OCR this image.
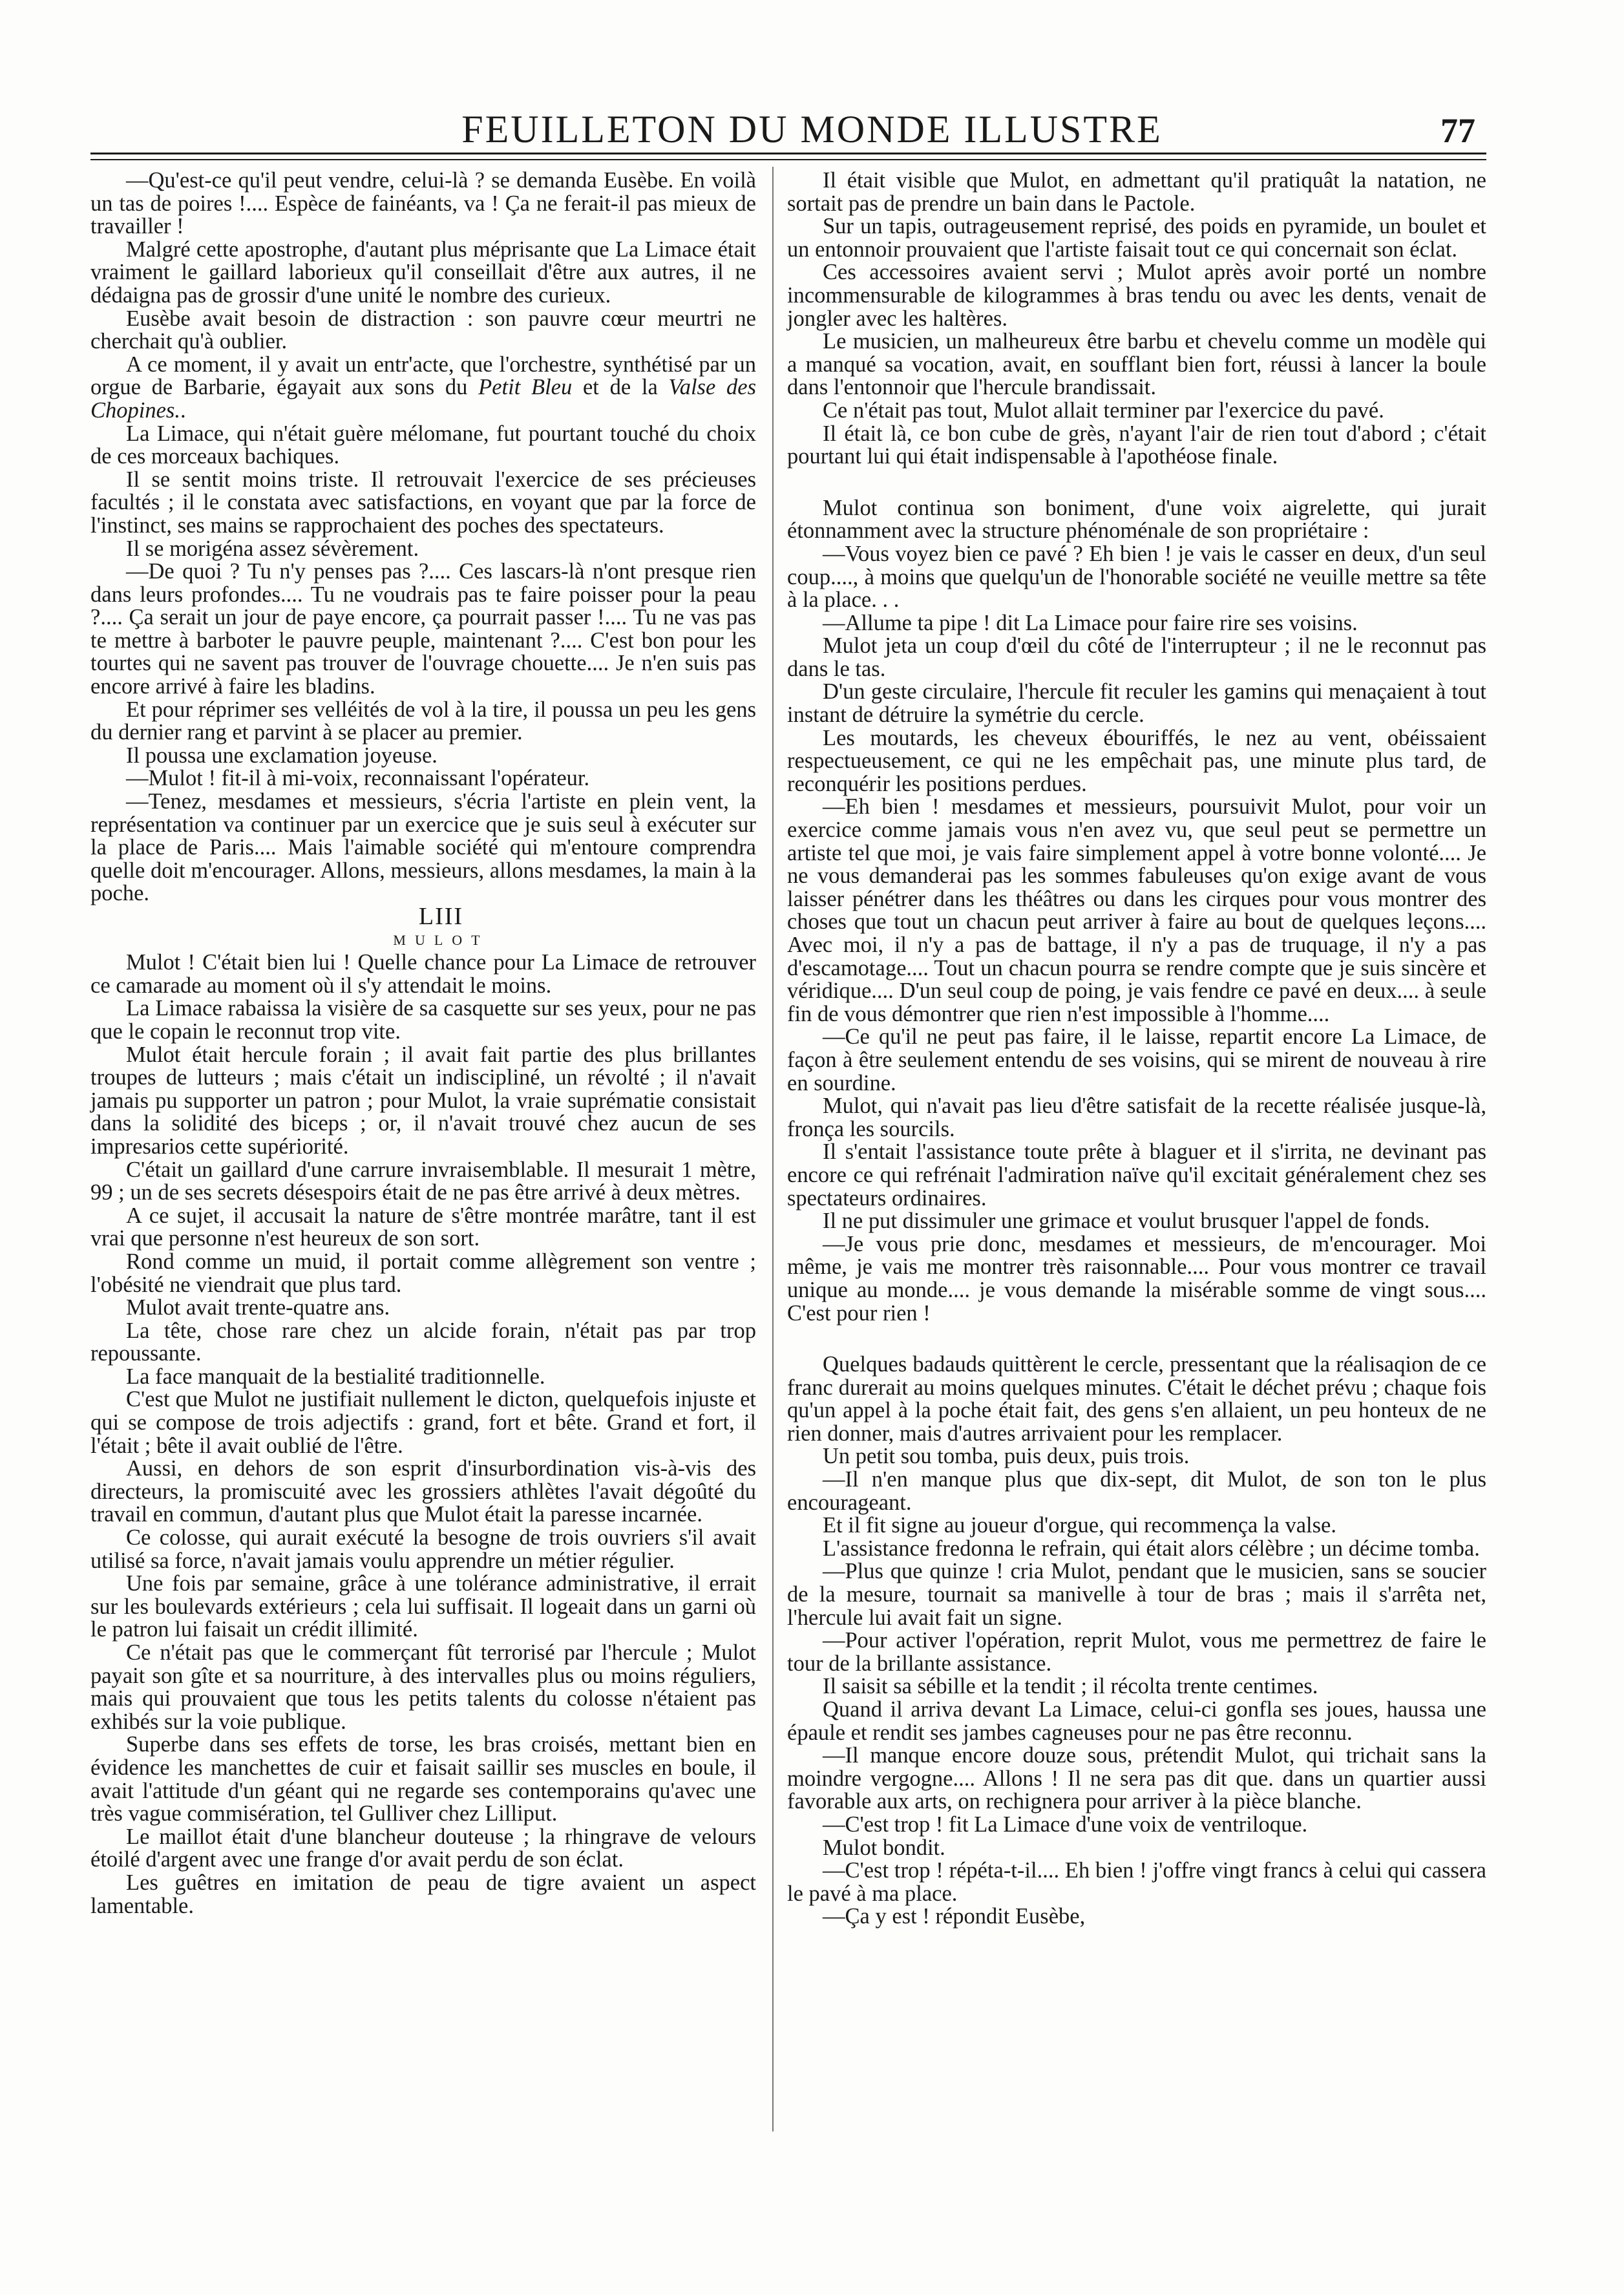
FEUILLETON DU MONDE ILLUSTRE	77

—Qu'est-ce qu'il peut vendre, celui-là ? se demanda Eusèbe. En voilà un tas de poires !.... Espèce de fainéants, va ! Ça ne ferait-il pas mieux de travailler !

Malgré cette apostrophe, d'autant plus méprisante que La Limace était vraiment le gaillard laborieux qu'il conseillait d'être aux autres, il ne dédaigna pas de grossir d'une unité le nombre des curieux.

Eusèbe avait besoin de distraction : son pauvre cœur meurtri ne cherchait qu'à oublier.

A ce moment, il y avait un entr'acte, que l'orchestre, synthétisé par un orgue de Barbarie, égayait aux sons du Petit Bleu et de la Valse des Chopines..

La Limace, qui n'était guère mélomane, fut pourtant touché du choix de ces morceaux bachiques.

Il se sentit moins triste. Il retrouvait l'exercice de ses précieuses facultés ; il le constata avec satisfactions, en voyant que par la force de l'instinct, ses mains se rapprochaient des poches des spectateurs.

Il se morigéna assez sévèrement.

—De quoi ? Tu n'y penses pas ?.... Ces lascars-là n'ont presque rien dans leurs profondes.... Tu ne voudrais pas te faire poisser pour la peau ?.... Ça serait un jour de paye encore, ça pourrait passer !.... Tu ne vas pas te mettre à barboter le pauvre peuple, maintenant ?.... C'est bon pour les tourtes qui ne savent pas trouver de l'ouvrage chouette.... Je n'en suis pas encore arrivé à faire les bladins.

Et pour réprimer ses velléités de vol à la tire, il poussa un peu les gens du dernier rang et parvint à se placer au premier.

Il poussa une exclamation joyeuse.

—Mulot ! fit-il à mi-voix, reconnaissant l'opérateur.

—Tenez, mesdames et messieurs, s'écria l'artiste en plein vent, la représentation va continuer par un exercice que je suis seul à exécuter sur la place de Paris.... Mais l'aimable société qui m'entoure comprendra quelle doit m'encourager. Allons, messieurs, allons mesdames, la main à la poche.

LIII

MULOT

Mulot ! C'était bien lui ! Quelle chance pour La Limace de retrouver ce camarade au moment où il s'y attendait le moins.

La Limace rabaissa la visière de sa casquette sur ses yeux, pour ne pas que le copain le reconnut trop vite.

Mulot était hercule forain ; il avait fait partie des plus brillantes troupes de lutteurs ; mais c'était un indiscipliné, un révolté ; il n'avait jamais pu supporter un patron ; pour Mulot, la vraie suprématie consistait dans la solidité des biceps ; or, il n'avait trouvé chez aucun de ses impresarios cette supériorité.

C'était un gaillard d'une carrure invraisemblable. Il mesurait 1 mètre, 99 ; un de ses secrets désespoirs était de ne pas être arrivé à deux mètres.

A ce sujet, il accusait la nature de s'être montrée marâtre, tant il est vrai que personne n'est heureux de son sort.

Rond comme un muid, il portait comme allègrement son ventre ; l'obésité ne viendrait que plus tard.

Mulot avait trente-quatre ans.

La tête, chose rare chez un alcide forain, n'était pas par trop repoussante.

La face manquait de la bestialité traditionnelle.

C'est que Mulot ne justifiait nullement le dicton, quelquefois injuste et qui se compose de trois adjectifs : grand, fort et bête. Grand et fort, il l'était ; bête il avait oublié de l'être.

Aussi, en dehors de son esprit d'insurbordination vis-à-vis des directeurs, la promiscuité avec les grossiers athlètes l'avait dégoûté du travail en commun, d'autant plus que Mulot était la paresse incarnée.

Ce colosse, qui aurait exécuté la besogne de trois ouvriers s'il avait utilisé sa force, n'avait jamais voulu apprendre un métier régulier.

Une fois par semaine, grâce à une tolérance administrative, il errait sur les boulevards extérieurs ; cela lui suffisait. Il logeait dans un garni où le patron lui faisait un crédit illimité.

Ce n'était pas que le commerçant fût terrorisé par l'hercule ; Mulot payait son gîte et sa nourriture, à des intervalles plus ou moins réguliers, mais qui prouvaient que tous les petits talents du colosse n'étaient pas exhibés sur la voie publique.

Superbe dans ses effets de torse, les bras croisés, mettant bien en évidence les manchettes de cuir et faisait saillir ses muscles en boule, il avait l'attitude d'un géant qui ne regarde ses contemporains qu'avec une très vague commisération, tel Gulliver chez Lilliput.

Le maillot était d'une blancheur douteuse ; la rhingrave de velours étoilé d'argent avec une frange d'or avait perdu de son éclat.

Les guêtres en imitation de peau de tigre avaient un aspect lamentable.

Il était visible que Mulot, en admettant qu'il pratiquât la natation, ne sortait pas de prendre un bain dans le Pactole.

Sur un tapis, outrageusement reprisé, des poids en pyramide, un boulet et un entonnoir prouvaient que l'artiste faisait tout ce qui concernait son éclat.

Ces accessoires avaient servi ; Mulot après avoir porté un nombre incommensurable de kilogrammes à bras tendu ou avec les dents, venait de jongler avec les haltères.

Le musicien, un malheureux être barbu et chevelu comme un modèle qui a manqué sa vocation, avait, en soufflant bien fort, réussi à lancer la boule dans l'entonnoir que l'hercule brandissait.

Ce n'était pas tout, Mulot allait terminer par l'exercice du pavé.

Il était là, ce bon cube de grès, n'ayant l'air de rien tout d'abord ; c'était pourtant lui qui était indispensable à l'apothéose finale.

Mulot continua son boniment, d'une voix aigrelette, qui jurait étonnamment avec la structure phénoménale de son propriétaire :

—Vous voyez bien ce pavé ? Eh bien ! je vais le casser en deux, d'un seul coup...., à moins que quelqu'un de l'honorable société ne veuille mettre sa tête à la place. . .

—Allume ta pipe ! dit La Limace pour faire rire ses voisins.

Mulot jeta un coup d'œil du côté de l'interrupteur ; il ne le reconnut pas dans le tas.

D'un geste circulaire, l'hercule fit reculer les gamins qui menaçaient à tout instant de détruire la symétrie du cercle.

Les moutards, les cheveux ébouriffés, le nez au vent, obéissaient respectueusement, ce qui ne les empêchait pas, une minute plus tard, de reconquérir les positions perdues.

—Eh bien ! mesdames et messieurs, poursuivit Mulot, pour voir un exercice comme jamais vous n'en avez vu, que seul peut se permettre un artiste tel que moi, je vais faire simplement appel à votre bonne volonté.... Je ne vous demanderai pas les sommes fabuleuses qu'on exige avant de vous laisser pénétrer dans les théâtres ou dans les cirques pour vous montrer des choses que tout un chacun peut arriver à faire au bout de quelques leçons.... Avec moi, il n'y a pas de battage, il n'y a pas de truquage, il n'y a pas d'escamotage.... Tout un chacun pourra se rendre compte que je suis sincère et véridique.... D'un seul coup de poing, je vais fendre ce pavé en deux.... à seule fin de vous démontrer que rien n'est impossible à l'homme....

—Ce qu'il ne peut pas faire, il le laisse, repartit encore La Limace, de façon à être seulement entendu de ses voisins, qui se mirent de nouveau à rire en sourdine.

Mulot, qui n'avait pas lieu d'être satisfait de la recette réalisée jusque-là, fronça les sourcils.

Il s'entait l'assistance toute prête à blaguer et il s'irrita, ne devinant pas encore ce qui refrénait l'admiration naïve qu'il excitait généralement chez ses spectateurs ordinaires.

Il ne put dissimuler une grimace et voulut brusquer l'appel de fonds.

—Je vous prie donc, mesdames et messieurs, de m'encourager. Moi même, je vais me montrer très raisonnable.... Pour vous montrer ce travail unique au monde.... je vous demande la misérable somme de vingt sous.... C'est pour rien !

Quelques badauds quittèrent le cercle, pressentant que la réalisaqion de ce franc durerait au moins quelques minutes. C'était le déchet prévu ; chaque fois qu'un appel à la poche était fait, des gens s'en allaient, un peu honteux de ne rien donner, mais d'autres arrivaient pour les remplacer.

Un petit sou tomba, puis deux, puis trois.

—Il n'en manque plus que dix-sept, dit Mulot, de son ton le plus encourageant.

Et il fit signe au joueur d'orgue, qui recommença la valse.

L'assistance fredonna le refrain, qui était alors célèbre ; un décime tomba.

—Plus que quinze ! cria Mulot, pendant que le musicien, sans se soucier de la mesure, tournait sa manivelle à tour de bras ; mais il s'arrêta net, l'hercule lui avait fait un signe.

—Pour activer l'opération, reprit Mulot, vous me permettrez de faire le tour de la brillante assistance.

Il saisit sa sébille et la tendit ; il récolta trente centimes.

Quand il arriva devant La Limace, celui-ci gonfla ses joues, haussa une épaule et rendit ses jambes cagneuses pour ne pas être reconnu.

—Il manque encore douze sous, prétendit Mulot, qui trichait sans la moindre vergogne.... Allons ! Il ne sera pas dit que. dans un quartier aussi favorable aux arts, on rechignera pour arriver à la pièce blanche.

—C'est trop ! fit La Limace d'une voix de ventriloque.

Mulot bondit.

—C'est trop ! répéta-t-il.... Eh bien ! j'offre vingt francs à celui qui cassera le pavé à ma place.

—Ça y est ! répondit Eusèbe,
